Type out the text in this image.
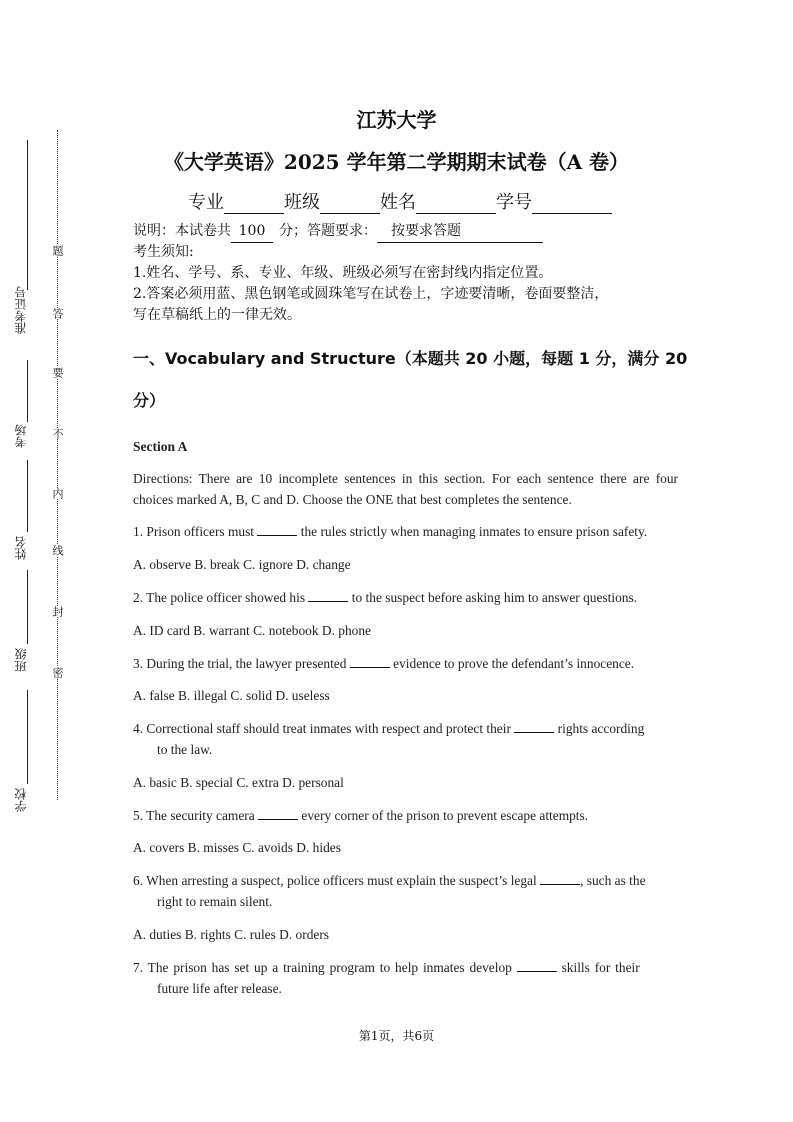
准考证号
考场
姓名
班级
学校
题
答
要
不
内
线
封
密
江苏大学
《大学英语》2025 学年第二学期期末试卷（A 卷）
专业	班级	姓名	学号
说明：本试卷共 100 分；答题要求： 按要求答题
考生须知:
1.姓名、学号、系、专业、年级、班级必须写在密封线内指定位置。
2.答案必须用蓝、黑色钢笔或圆珠笔写在试卷上，字迹要清晰，卷面要整洁，
写在草稿纸上的一律无效。
一、Vocabulary and Structure（本题共 20 小题，每题 1 分，满分 20
分）
Section A
Directions: There are 10 incomplete sentences in this section. For each sentence there are four choices marked A, B, C and D. Choose the ONE that best completes the sentence.
1. Prison officers must	the rules strictly when managing inmates to ensure prison safety.
A. observe B. break C. ignore D. change
2. The police officer showed his	to the suspect before asking him to answer questions.
A. ID card B. warrant C. notebook D. phone
3. During the trial, the lawyer presented	evidence to prove the defendant’s innocence.
A. false B. illegal C. solid D. useless
4. Correctional staff should treat inmates with respect and protect their	rights according
to the law.
A. basic B. special C. extra D. personal
5. The security camera	every corner of the prison to prevent escape attempts.
A. covers B. misses C. avoids D. hides
6. When arresting a suspect, police officers must explain the suspect’s legal	, such as the
right to remain silent.
A. duties B. rights C. rules D. orders
7. The prison has set up a training program to help inmates develop	skills for their
future life after release.
第1页，共6页
